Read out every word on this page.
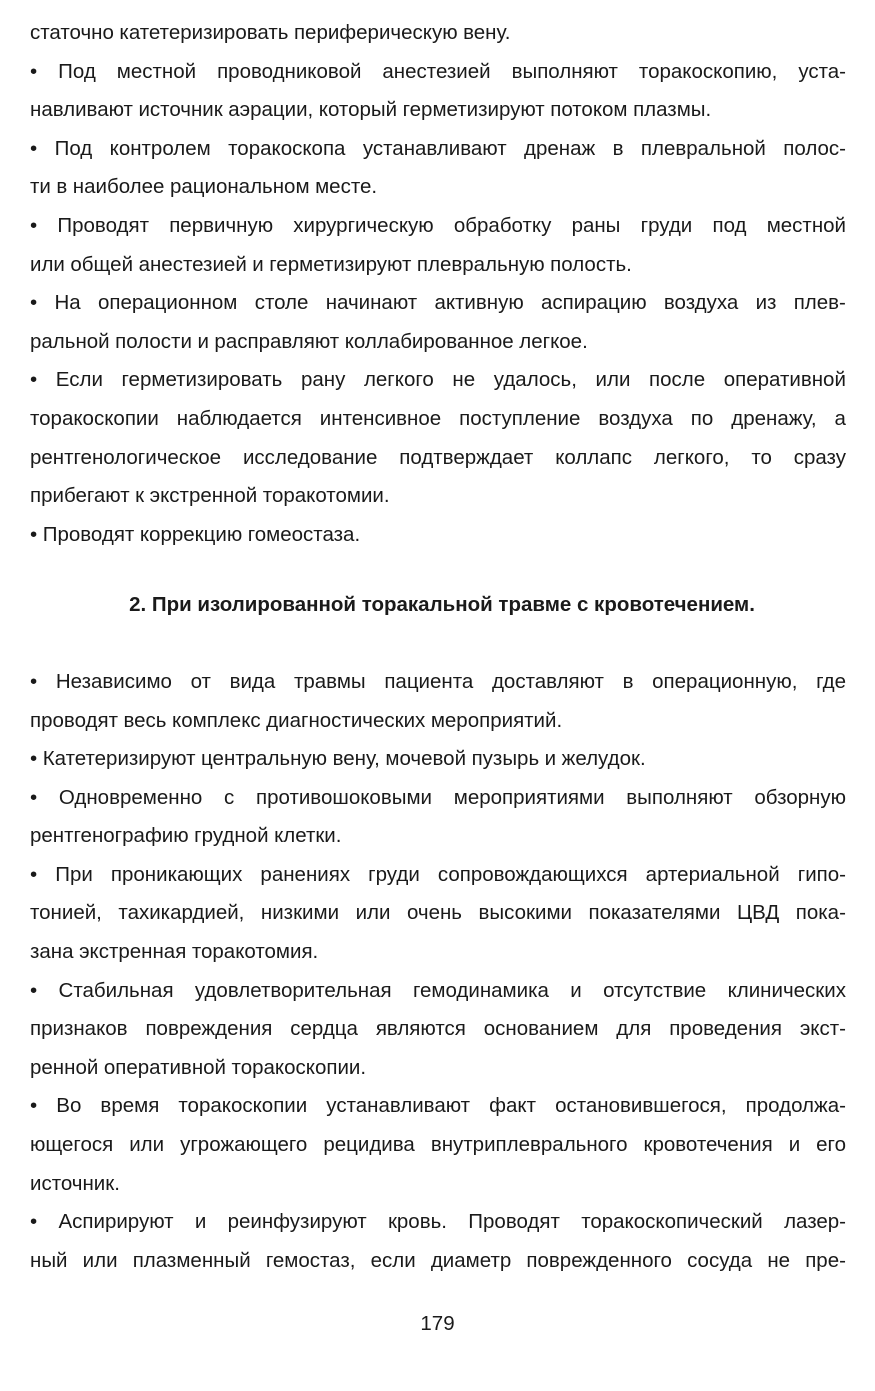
статочно катетеризировать периферическую вену.
• Под местной проводниковой анестезией выполняют торакоскопию, уста-
навливают источник аэрации, который герметизируют потоком плазмы.
• Под контролем торакоскопа устанавливают дренаж в плевральной полос-
ти в наиболее рациональном месте.
• Проводят первичную хирургическую обработку раны груди под местной
или общей анестезией и герметизируют плевральную полость.
• На операционном столе начинают активную аспирацию воздуха из плев-
ральной полости и расправляют коллабированное легкое.
• Если герметизировать рану легкого не удалось, или после оперативной
торакоскопии наблюдается интенсивное поступление воздуха по дренажу, а
рентгенологическое исследование подтверждает коллапс легкого, то сразу
прибегают к экстренной торакотомии.
• Проводят коррекцию гомеостаза.
2. При изолированной торакальной травме с кровотечением.
• Независимо от вида травмы пациента доставляют в операционную, где
проводят весь комплекс диагностических мероприятий.
• Катетеризируют центральную вену, мочевой пузырь и желудок.
• Одновременно с противошоковыми мероприятиями выполняют обзорную
рентгенографию грудной клетки.
• При проникающих ранениях груди сопровождающихся артериальной гипо-
тонией, тахикардией, низкими или очень высокими показателями ЦВД пока-
зана экстренная торакотомия.
• Стабильная удовлетворительная гемодинамика и отсутствие клинических
признаков повреждения сердца являются основанием для проведения экст-
ренной оперативной торакоскопии.
• Во время торакоскопии устанавливают факт остановившегося, продолжа-
ющегося или угрожающего рецидива внутриплеврального кровотечения и его
источник.
• Аспирируют и реинфузируют кровь. Проводят торакоскопический лазер-
ный или плазменный гемостаз, если диаметр поврежденного сосуда не пре-
179
